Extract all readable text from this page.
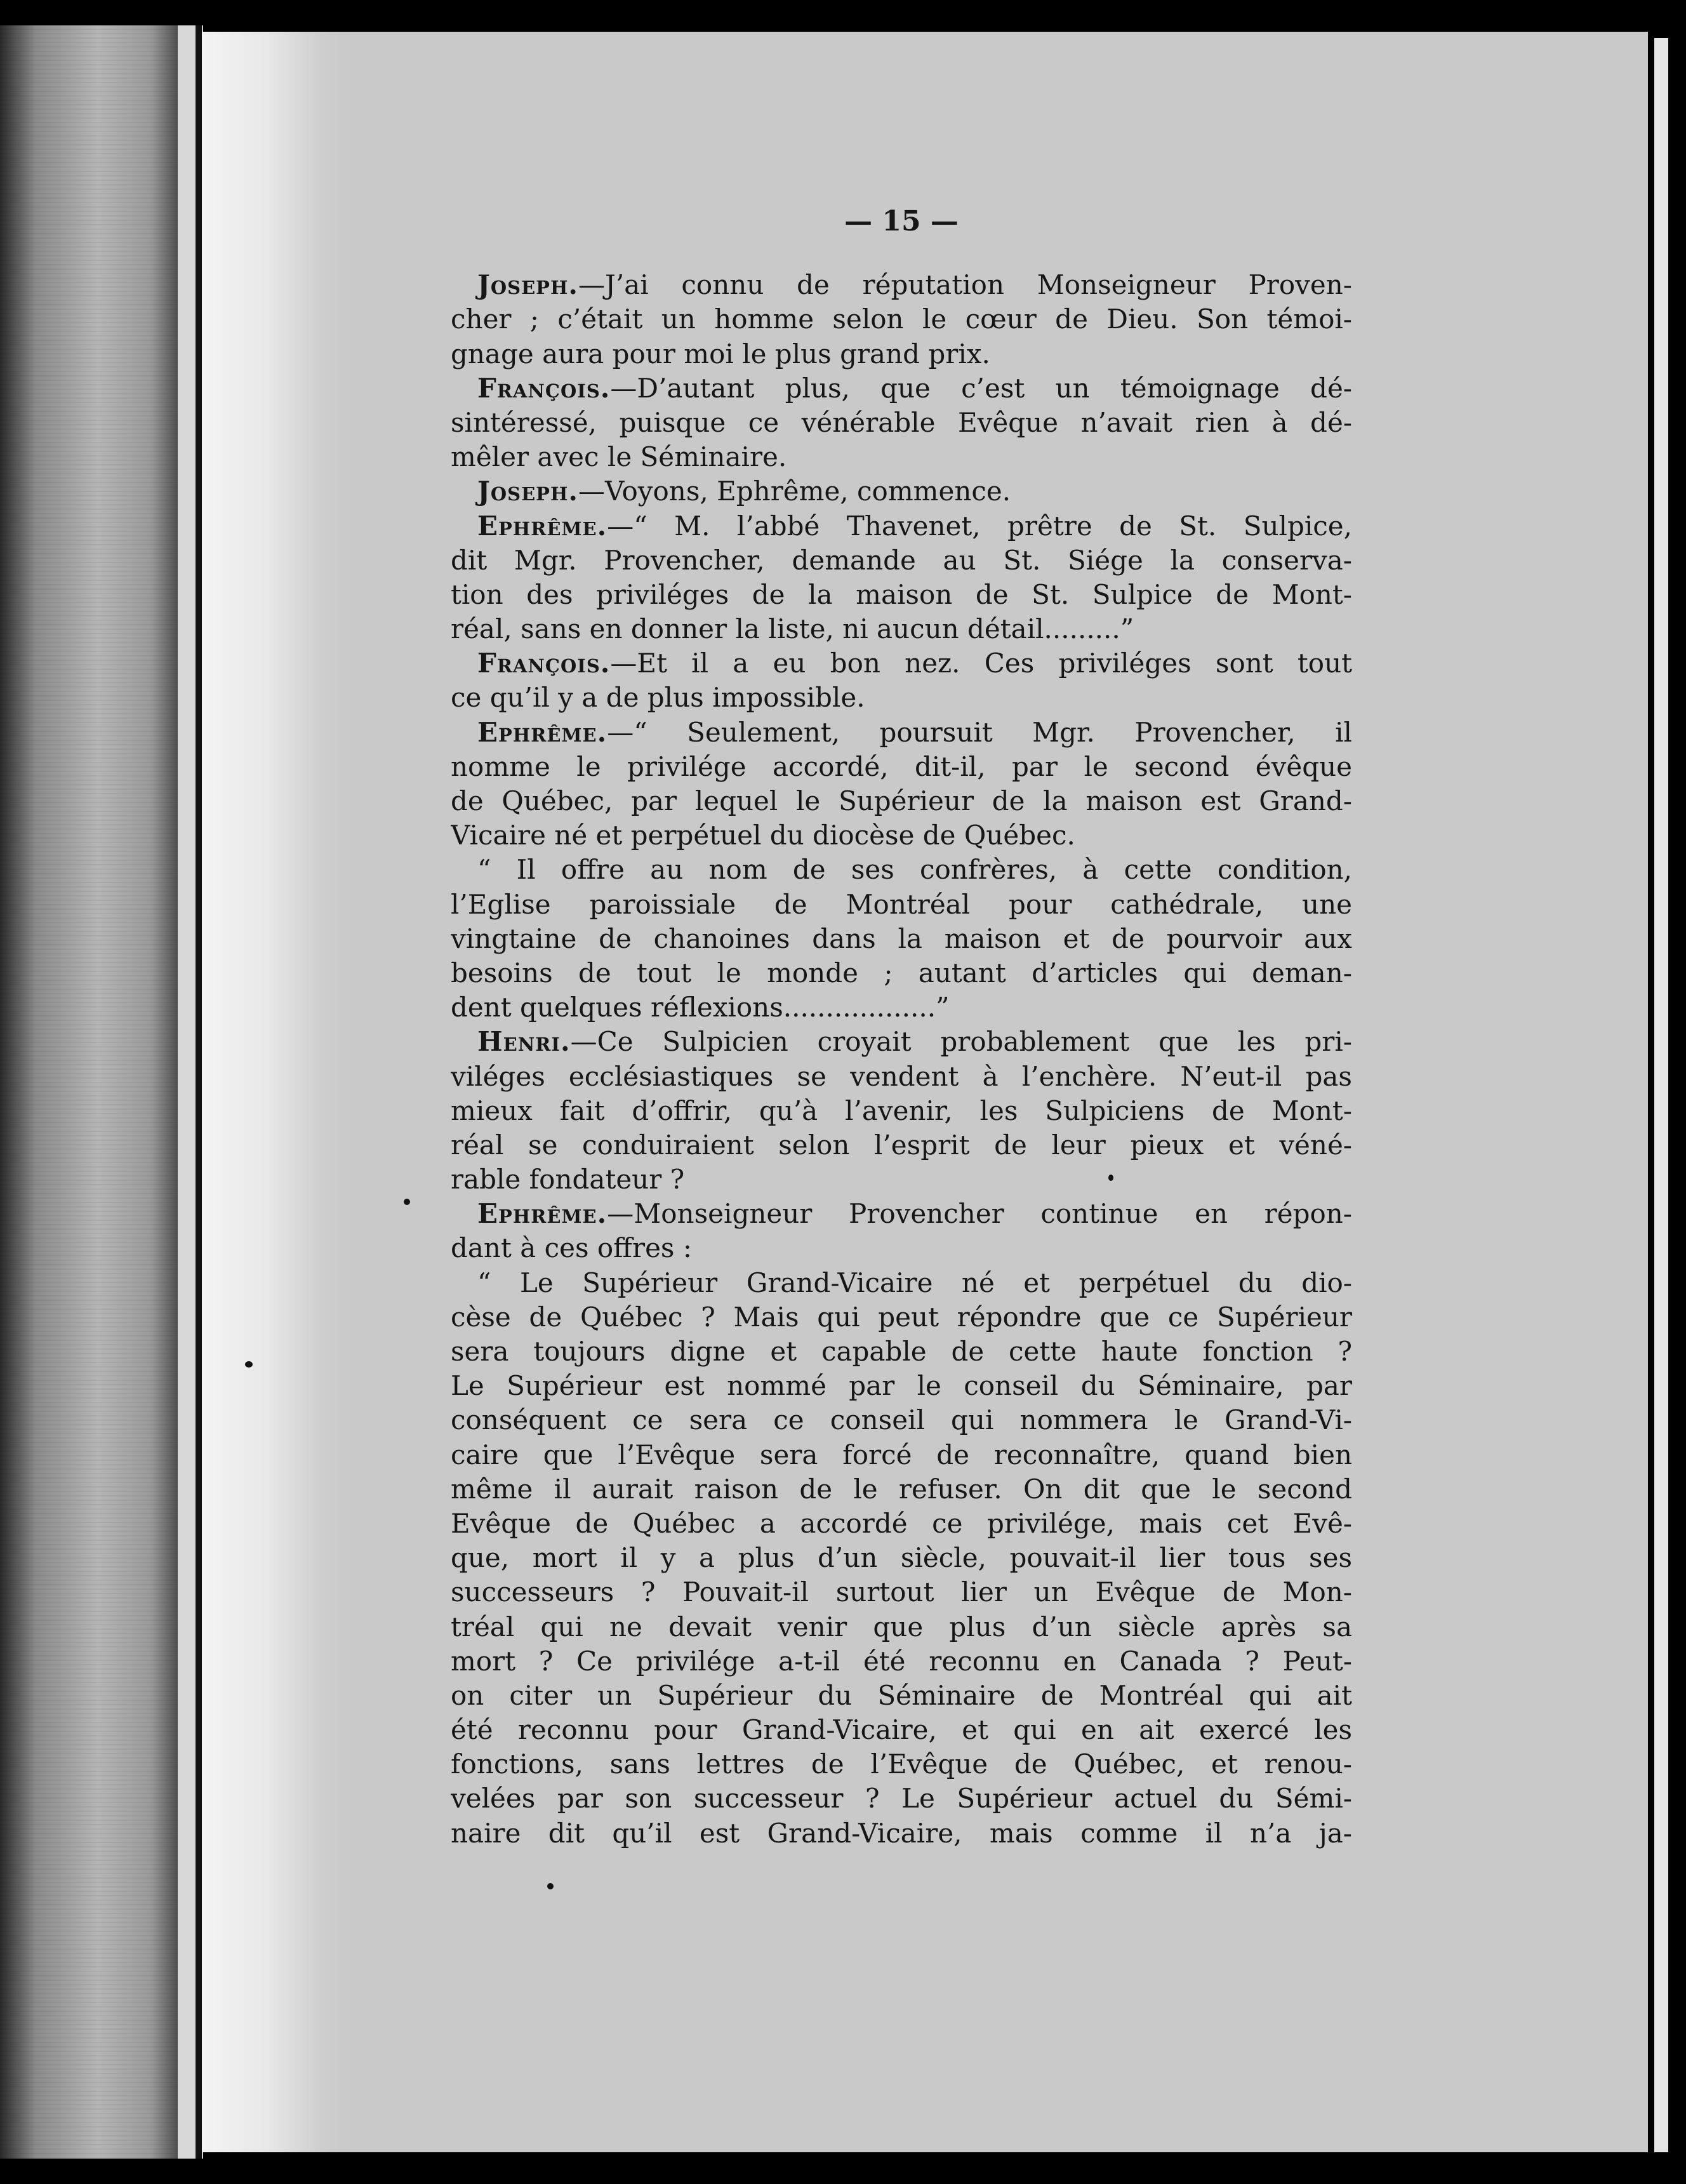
— 15 —
Joseph.—J’ai connu de réputation Monseigneur Proven-
cher ; c’était un homme selon le cœur de Dieu. Son témoi-
gnage aura pour moi le plus grand prix.
François.—D’autant plus, que c’est un témoignage dé-
sintéressé, puisque ce vénérable Evêque n’avait rien à dé-
mêler avec le Séminaire.
Joseph.—Voyons, Ephrême, commence.
Ephrême.—“ M. l’abbé Thavenet, prêtre de St. Sulpice,
dit Mgr. Provencher, demande au St. Siége la conserva-
tion des priviléges de la maison de St. Sulpice de Mont-
réal, sans en donner la liste, ni aucun détail.........”
François.—Et il a eu bon nez. Ces priviléges sont tout
ce qu’il y a de plus impossible.
Ephrême.—“ Seulement, poursuit Mgr. Provencher, il
nomme le privilége accordé, dit-il, par le second évêque
de Québec, par lequel le Supérieur de la maison est Grand-
Vicaire né et perpétuel du diocèse de Québec.
“ Il offre au nom de ses confrères, à cette condition,
l’Eglise paroissiale de Montréal pour cathédrale, une
vingtaine de chanoines dans la maison et de pourvoir aux
besoins de tout le monde ; autant d’articles qui deman-
dent quelques réflexions..................”
Henri.—Ce Sulpicien croyait probablement que les pri-
viléges ecclésiastiques se vendent à l’enchère. N’eut-il pas
mieux fait d’offrir, qu’à l’avenir, les Sulpiciens de Mont-
réal se conduiraient selon l’esprit de leur pieux et véné-
rable fondateur ?
Ephrême.—Monseigneur Provencher continue en répon-
dant à ces offres :
“ Le Supérieur Grand-Vicaire né et perpétuel du dio-
cèse de Québec ? Mais qui peut répondre que ce Supérieur
sera toujours digne et capable de cette haute fonction ?
Le Supérieur est nommé par le conseil du Séminaire, par
conséquent ce sera ce conseil qui nommera le Grand-Vi-
caire que l’Evêque sera forcé de reconnaître, quand bien
même il aurait raison de le refuser. On dit que le second
Evêque de Québec a accordé ce privilége, mais cet Evê-
que, mort il y a plus d’un siècle, pouvait-il lier tous ses
successeurs ? Pouvait-il surtout lier un Evêque de Mon-
tréal qui ne devait venir que plus d’un siècle après sa
mort ? Ce privilége a-t-il été reconnu en Canada ? Peut-
on citer un Supérieur du Séminaire de Montréal qui ait
été reconnu pour Grand-Vicaire, et qui en ait exercé les
fonctions, sans lettres de l’Evêque de Québec, et renou-
velées par son successeur ? Le Supérieur actuel du Sémi-
naire dit qu’il est Grand-Vicaire, mais comme il n’a ja-
